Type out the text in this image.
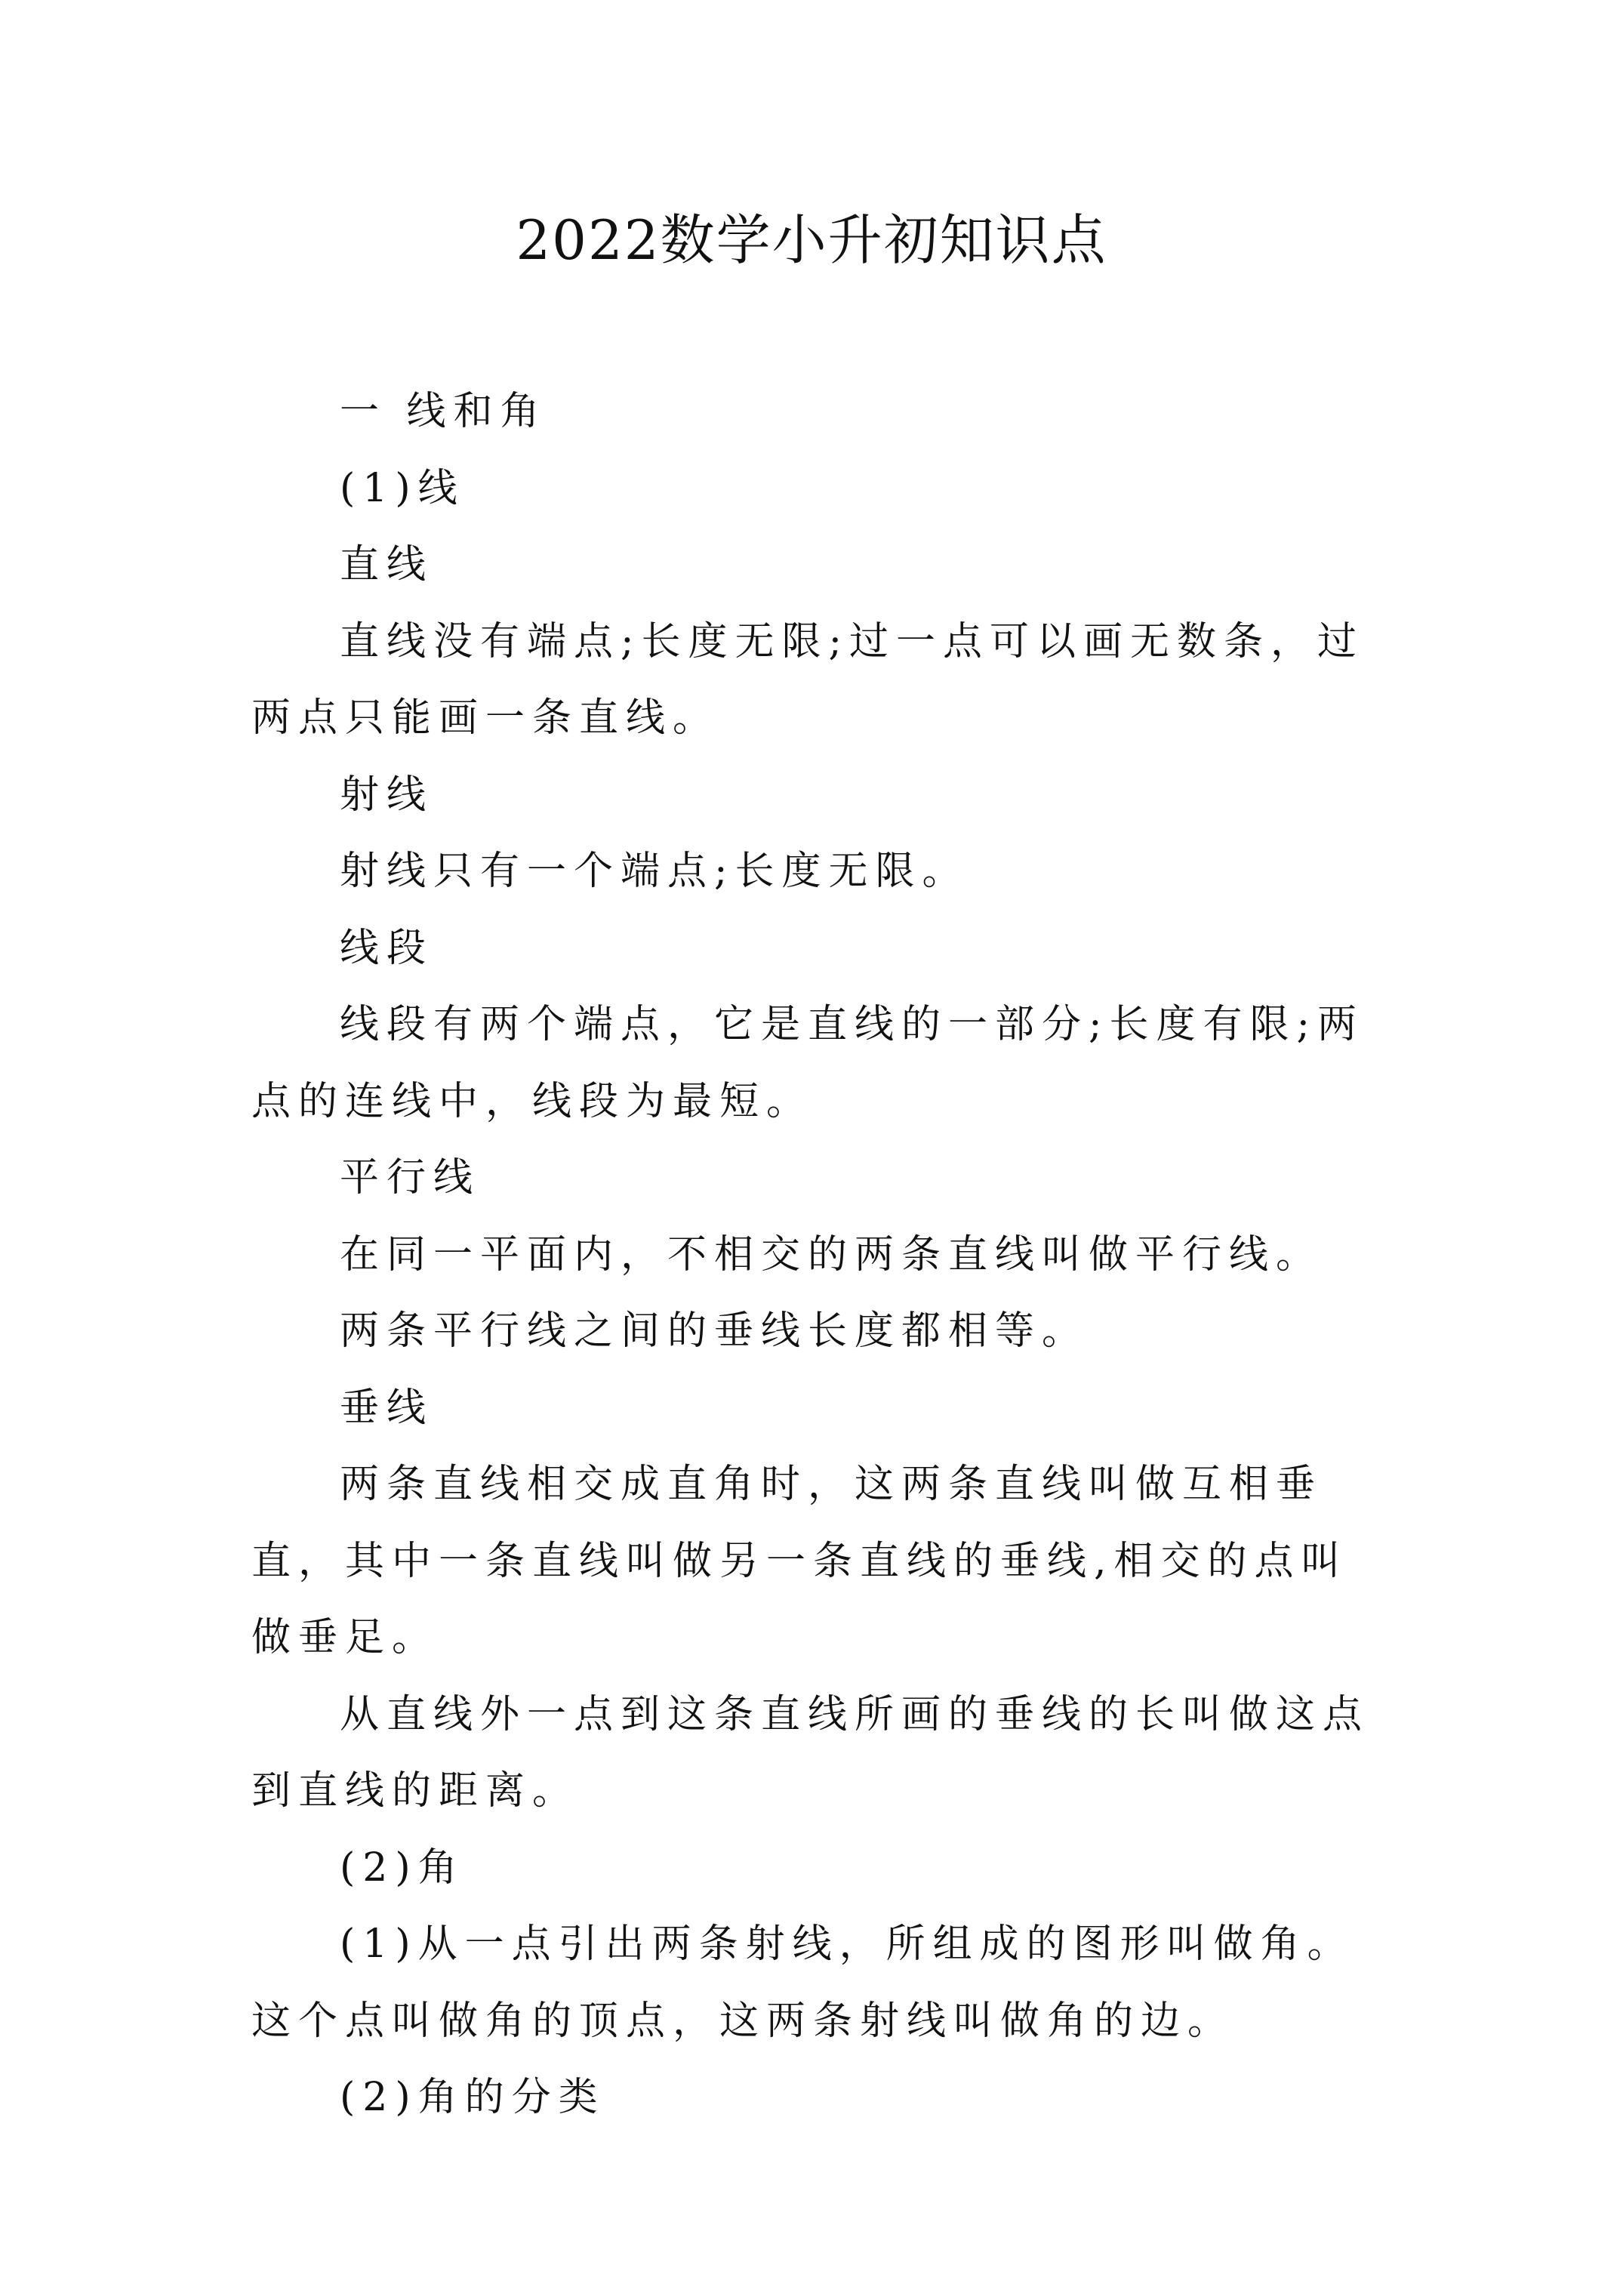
2022数学小升初知识点

一 线和角

(1)线

直线

直线没有端点;长度无限;过一点可以画无数条，过两点只能画一条直线。

射线

射线只有一个端点;长度无限。

线段

线段有两个端点，它是直线的一部分;长度有限;两点的连线中，线段为最短。

平行线

在同一平面内，不相交的两条直线叫做平行线。

两条平行线之间的垂线长度都相等。

垂线

两条直线相交成直角时，这两条直线叫做互相垂直，其中一条直线叫做另一条直线的垂线,相交的点叫做垂足。

从直线外一点到这条直线所画的垂线的长叫做这点到直线的距离。

(2)角

(1)从一点引出两条射线，所组成的图形叫做角。这个点叫做角的顶点，这两条射线叫做角的边。

(2)角的分类
